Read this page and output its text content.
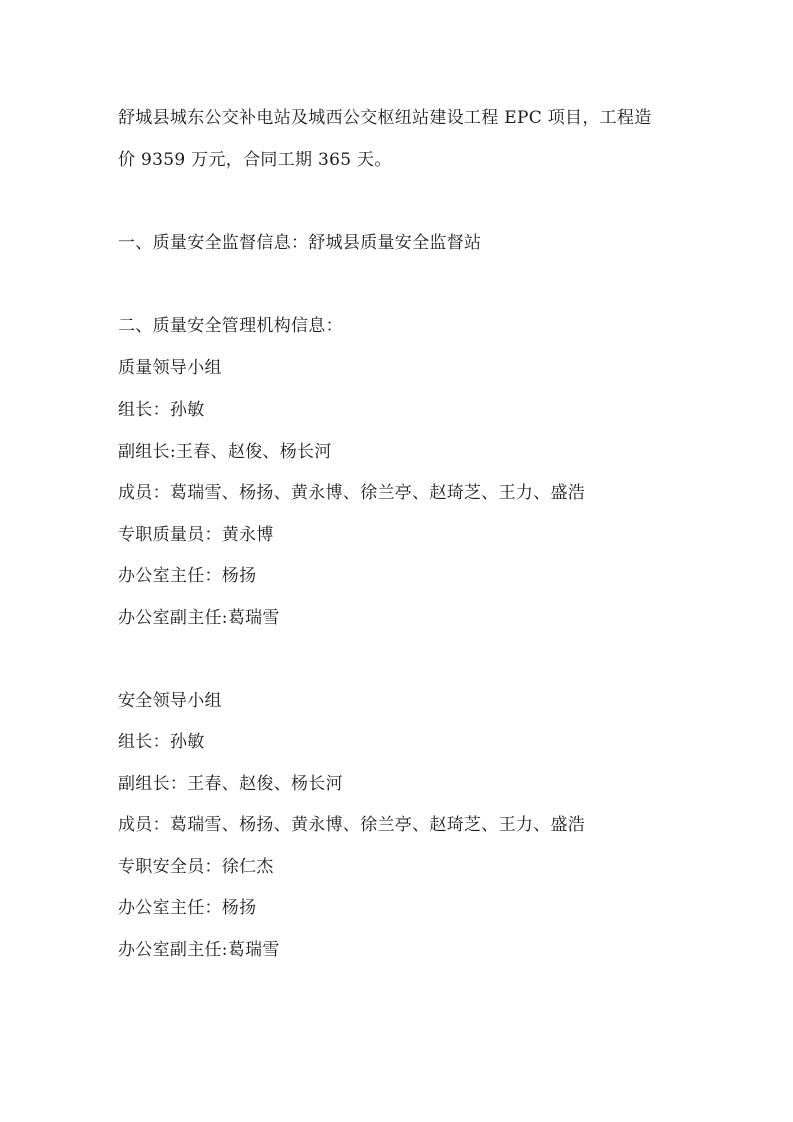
舒城县城东公交补电站及城西公交枢纽站建设工程 EPC 项目，工程造
价 9359 万元，合同工期 365 天。
一、质量安全监督信息：舒城县质量安全监督站
二、质量安全管理机构信息：
质量领导小组
组长：孙敏
副组长:王春、赵俊、杨长河
成员：葛瑞雪、杨扬、黄永博、徐兰亭、赵琦芝、王力、盛浩
专职质量员：黄永博
办公室主任：杨扬
办公室副主任:葛瑞雪
安全领导小组
组长：孙敏
副组长：王春、赵俊、杨长河
成员：葛瑞雪、杨扬、黄永博、徐兰亭、赵琦芝、王力、盛浩
专职安全员：徐仁杰
办公室主任：杨扬
办公室副主任:葛瑞雪
